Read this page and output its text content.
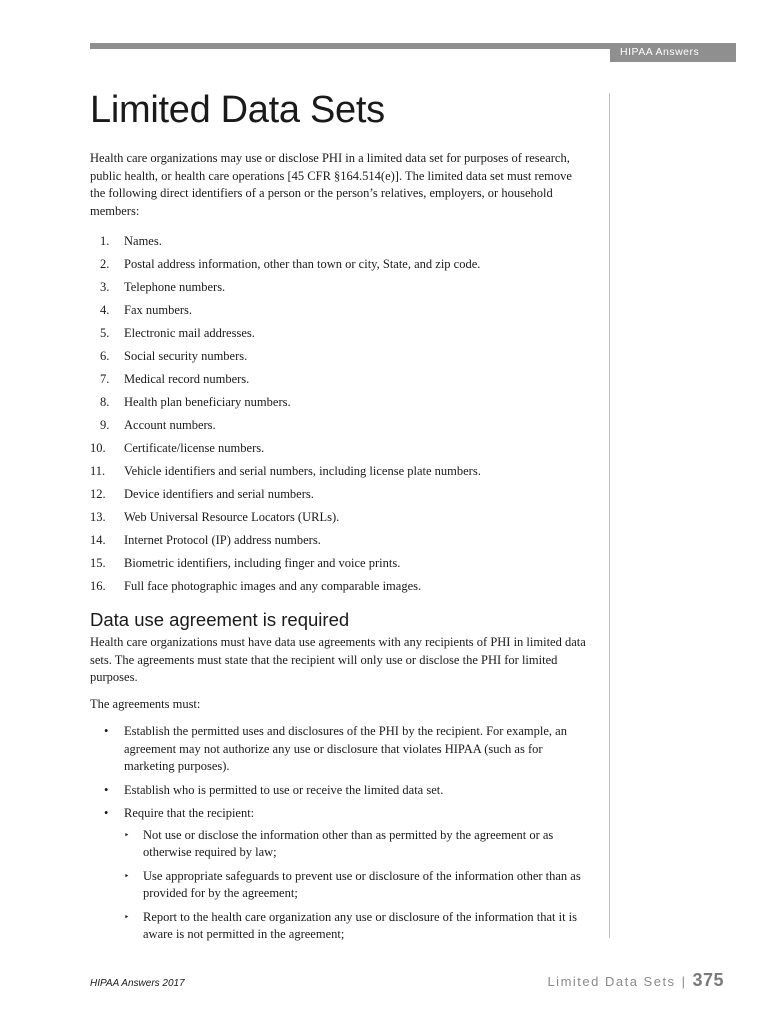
HIPAA Answers
Limited Data Sets

Health care organizations may use or disclose PHI in a limited data set for purposes of research, public health, or health care operations [45 CFR §164.514(e)]. The limited data set must remove the following direct identifiers of a person or the person’s relatives, employers, or household members:

1.	Names.
2.	Postal address information, other than town or city, State, and zip code.
3.	Telephone numbers.
4.	Fax numbers.
5.	Electronic mail addresses.
6.	Social security numbers.
7.	Medical record numbers.
8.	Health plan beneficiary numbers.
9.	Account numbers.
10.	Certificate/license numbers.
11.	Vehicle identifiers and serial numbers, including license plate numbers.
12.	Device identifiers and serial numbers.
13.	Web Universal Resource Locators (URLs).
14.	Internet Protocol (IP) address numbers.
15.	Biometric identifiers, including finger and voice prints.
16.	Full face photographic images and any comparable images.
Data use agreement is required

Health care organizations must have data use agreements with any recipients of PHI in limited data sets. The agreements must state that the recipient will only use or disclose the PHI for limited purposes.

The agreements must:

•	Establish the permitted uses and disclosures of the PHI by the recipient. For example, an agreement may not authorize any use or disclosure that violates HIPAA (such as for marketing purposes).
•	Establish who is permitted to use or receive the limited data set.
•	Require that the recipient:
‣	Not use or disclose the information other than as permitted by the agreement or as otherwise required by law;
‣	Use appropriate safeguards to prevent use or disclosure of the information other than as provided for by the agreement;
‣	Report to the health care organization any use or disclosure of the information that it is aware is not permitted in the agreement;
HIPAA Answers 2017	Limited Data Sets | 375
